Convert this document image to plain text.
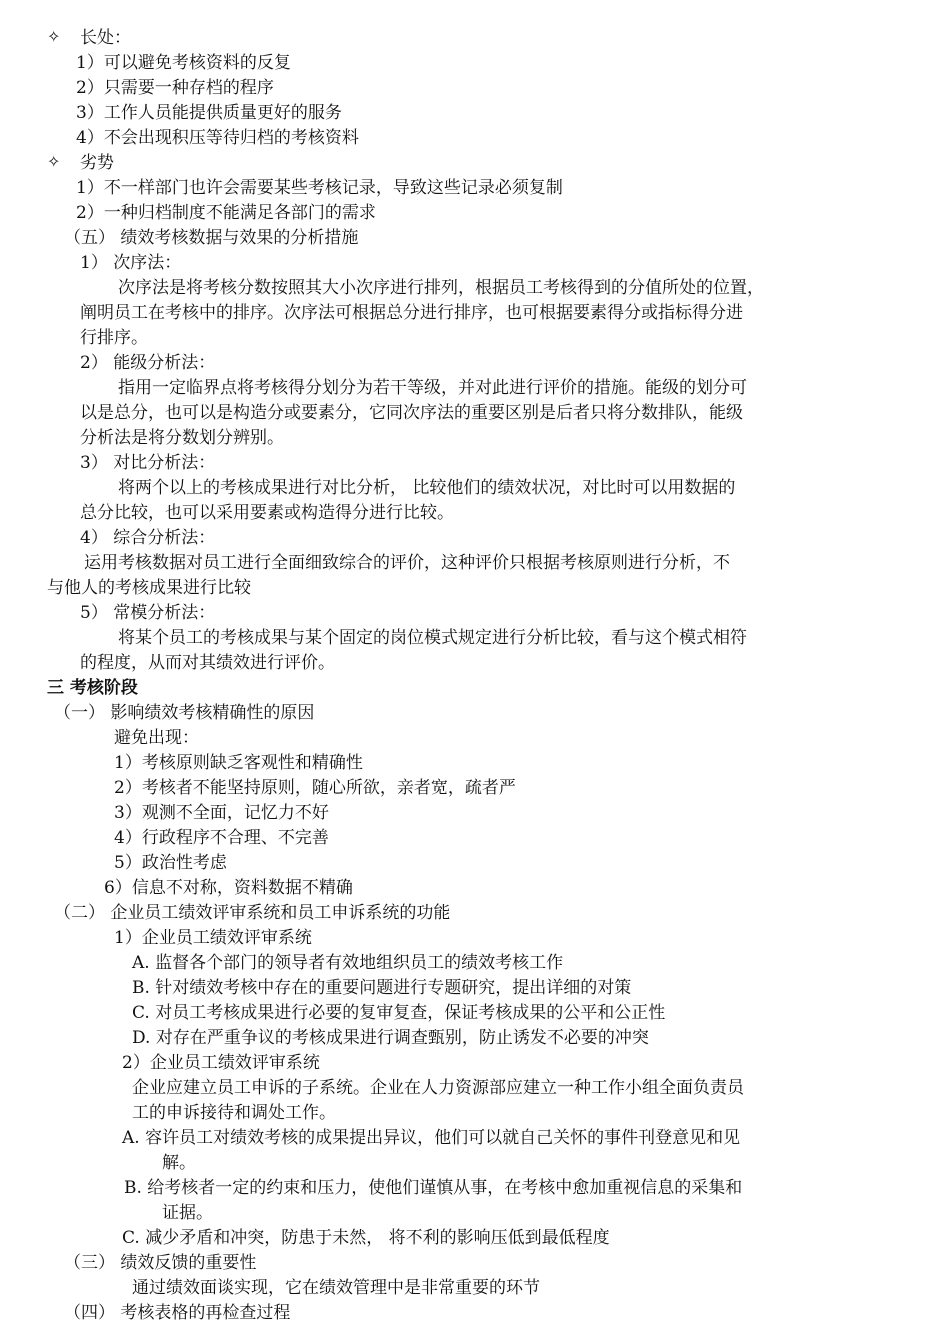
✧ 长处：

1）可以避免考核资料的反复

2）只需要一种存档的程序

3）工作人员能提供质量更好的服务

4）不会出现积压等待归档的考核资料

✧ 劣势

1）不一样部门也许会需要某些考核记录，导致这些记录必须复制

2）一种归档制度不能满足各部门的需求

（五） 绩效考核数据与效果的分析措施

1） 次序法：

次序法是将考核分数按照其大小次序进行排列，根据员工考核得到的分值所处的位置，

阐明员工在考核中的排序。次序法可根据总分进行排序，也可根据要素得分或指标得分进

行排序。

2） 能级分析法：

指用一定临界点将考核得分划分为若干等级，并对此进行评价的措施。能级的划分可

以是总分，也可以是构造分或要素分，它同次序法的重要区别是后者只将分数排队，能级

分析法是将分数划分辨别。

3） 对比分析法：

将两个以上的考核成果进行对比分析， 比较他们的绩效状况，对比时可以用数据的

总分比较，也可以采用要素或构造得分进行比较。

4） 综合分析法：

运用考核数据对员工进行全面细致综合的评价，这种评价只根据考核原则进行分析，不

与他人的考核成果进行比较

5） 常模分析法：

将某个员工的考核成果与某个固定的岗位模式规定进行分析比较，看与这个模式相符

的程度，从而对其绩效进行评价。

三 考核阶段

（一） 影响绩效考核精确性的原因

避免出现：

1）考核原则缺乏客观性和精确性

2）考核者不能坚持原则，随心所欲，亲者宽，疏者严

3）观测不全面，记忆力不好

4）行政程序不合理、不完善

5）政治性考虑

6）信息不对称，资料数据不精确

（二） 企业员工绩效评审系统和员工申诉系统的功能

1）企业员工绩效评审系统

A. 监督各个部门的领导者有效地组织员工的绩效考核工作

B. 针对绩效考核中存在的重要问题进行专题研究，提出详细的对策

C. 对员工考核成果进行必要的复审复查，保证考核成果的公平和公正性

D. 对存在严重争议的考核成果进行调查甄别，防止诱发不必要的冲突

2）企业员工绩效评审系统

企业应建立员工申诉的子系统。企业在人力资源部应建立一种工作小组全面负责员

工的申诉接待和调处工作。

A. 容许员工对绩效考核的成果提出异议，他们可以就自己关怀的事件刊登意见和见

解。

B. 给考核者一定的约束和压力，使他们谨慎从事，在考核中愈加重视信息的采集和

证据。

C. 减少矛盾和冲突，防患于未然， 将不利的影响压低到最低程度

（三） 绩效反馈的重要性

通过绩效面谈实现，它在绩效管理中是非常重要的环节

（四） 考核表格的再检查过程
